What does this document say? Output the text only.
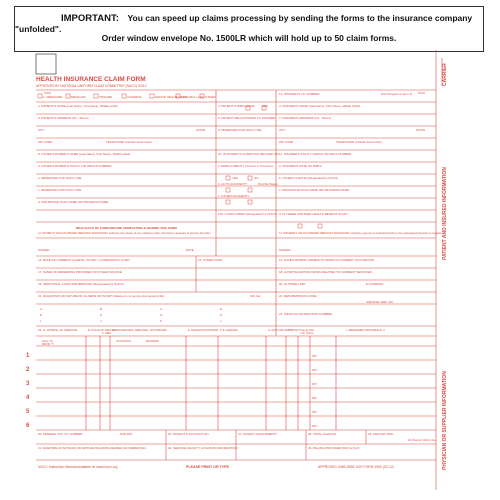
IMPORTANT: You can speed up claims processing by sending the forms to the insurance company "unfolded".
Order window envelope No. 1500LR which will hold up to 50 claim forms.
CARRIER
PATIENT AND INSURED INFORMATION
PHYSICIAN OR SUPPLIER INFORMATION
HEALTH INSURANCE CLAIM FORM
APPROVED BY NATIONAL UNIFORM CLAIM COMMITTEE (NUCC) 02/12
PICA	PICA
1. MEDICARE	MEDICAID	TRICARE	CHAMPVA	GROUP HEALTH PLAN
FECA BLK LUNG OTHER
1a. INSURED'S I.D. NUMBER	(For Program in Item 1)
2. PATIENT'S NAME (Last Name, First Name, Middle Initial)	3. PATIENT'S BIRTH DATE SEX	4. INSURED'S NAME (Last Name, First Name, Middle Initial)
5. PATIENT'S ADDRESS (No., Street)	6. PATIENT RELATIONSHIP TO INSURED 7. INSURED'S ADDRESS (No., Street)
CITY	STATE	8. RESERVED FOR NUCC USE	CITY	STATE
ZIP CODE	TELEPHONE (Include Area Code)	ZIP CODE	TELEPHONE (Include Area Code)
9. OTHER INSURED'S NAME (Last Name, First Name, Middle Initial)	10. IS PATIENT'S CONDITION RELATED TO: 11. INSURED'S POLICY GROUP OR FECA NUMBER
a. OTHER INSURED'S POLICY OR GROUP NUMBER	a. EMPLOYMENT? (Current or Previous) a. INSURED'S DATE OF BIRTH
b. RESERVED FOR NUCC USE	YES	NO	b. OTHER CLAIM ID (Designated by NUCC)
c. RESERVED FOR NUCC USE
b. AUTO ACCIDENT?	PLACE (State)
c. INSURANCE PLAN NAME OR PROGRAM NAME
d. INSURANCE PLAN NAME OR PROGRAM NAME
c. OTHER ACCIDENT?
d. IS THERE ANOTHER HEALTH BENEFIT PLAN?
10d. CLAIM CODES (Designated by NUCC)
READ BACK OF FORM BEFORE COMPLETING & SIGNING THIS FORM.
12. PATIENT'S OR AUTHORIZED PERSON'S SIGNATURE I authorize the release of any medical or other information necessary to process this claim.	13. INSURED'S OR AUTHORIZED PERSON'S SIGNATURE I authorize payment of medical benefits to the undersigned physician or supplier.
SIGNED	DATE	SIGNED
14. DATE OF CURRENT ILLNESS, INJURY, or PREGNANCY (LMP)	15. OTHER DATE	16. DATES PATIENT UNABLE TO WORK IN CURRENT OCCUPATION
17. NAME OF REFERRING PROVIDER OR OTHER SOURCE	18. HOSPITALIZATION DATES RELATED TO CURRENT SERVICES
19. ADDITIONAL CLAIM INFORMATION (Designated by NUCC)	20. OUTSIDE LAB?	$ CHARGES
21. DIAGNOSIS OR NATURE OF ILLNESS OR INJURY Relate A-L to service line below (24E)	ICD Ind.	22. RESUBMISSION CODE
ORIGINAL REF. NO.
A.	B.	C.	D.
E.	F.	G.	H.
I.	J.	K.	L.
23. PRIOR AUTHORIZATION NUMBER
24. A. DATE(S) OF SERVICE	B. PLACE OF SERVICE
C. EMG
D. PROCEDURES, SERVICES, OR SUPPLIES	E. DIAGNOSIS POINTER F. $ CHARGES	G. DAYS OR UNITS
H. EPSDT Family Plan
I. ID. QUAL.
J. RENDERING PROVIDER ID. #
From / To
MM DD YY
CPT/HCPCS	MODIFIER
1
2
3
4
5
6
NPI
NPI
NPI
NPI
NPI
NPI
25. FEDERAL TAX I.D. NUMBER	SSN EIN	26. PATIENT'S ACCOUNT NO.	27. ACCEPT ASSIGNMENT?	28. TOTAL CHARGE	29. AMOUNT PAID
30. Rsvd for NUCC Use
31. SIGNATURE OF PHYSICIAN OR SUPPLIER INCLUDING DEGREES OR CREDENTIALS	32. SERVICE FACILITY LOCATION INFORMATION	33. BILLING PROVIDER INFO & PH #
NUCC Instruction Manual available at: www.nucc.org	PLEASE PRINT OR TYPE	APPROVED OMB-0938-1197 FORM 1500 (02-12)
